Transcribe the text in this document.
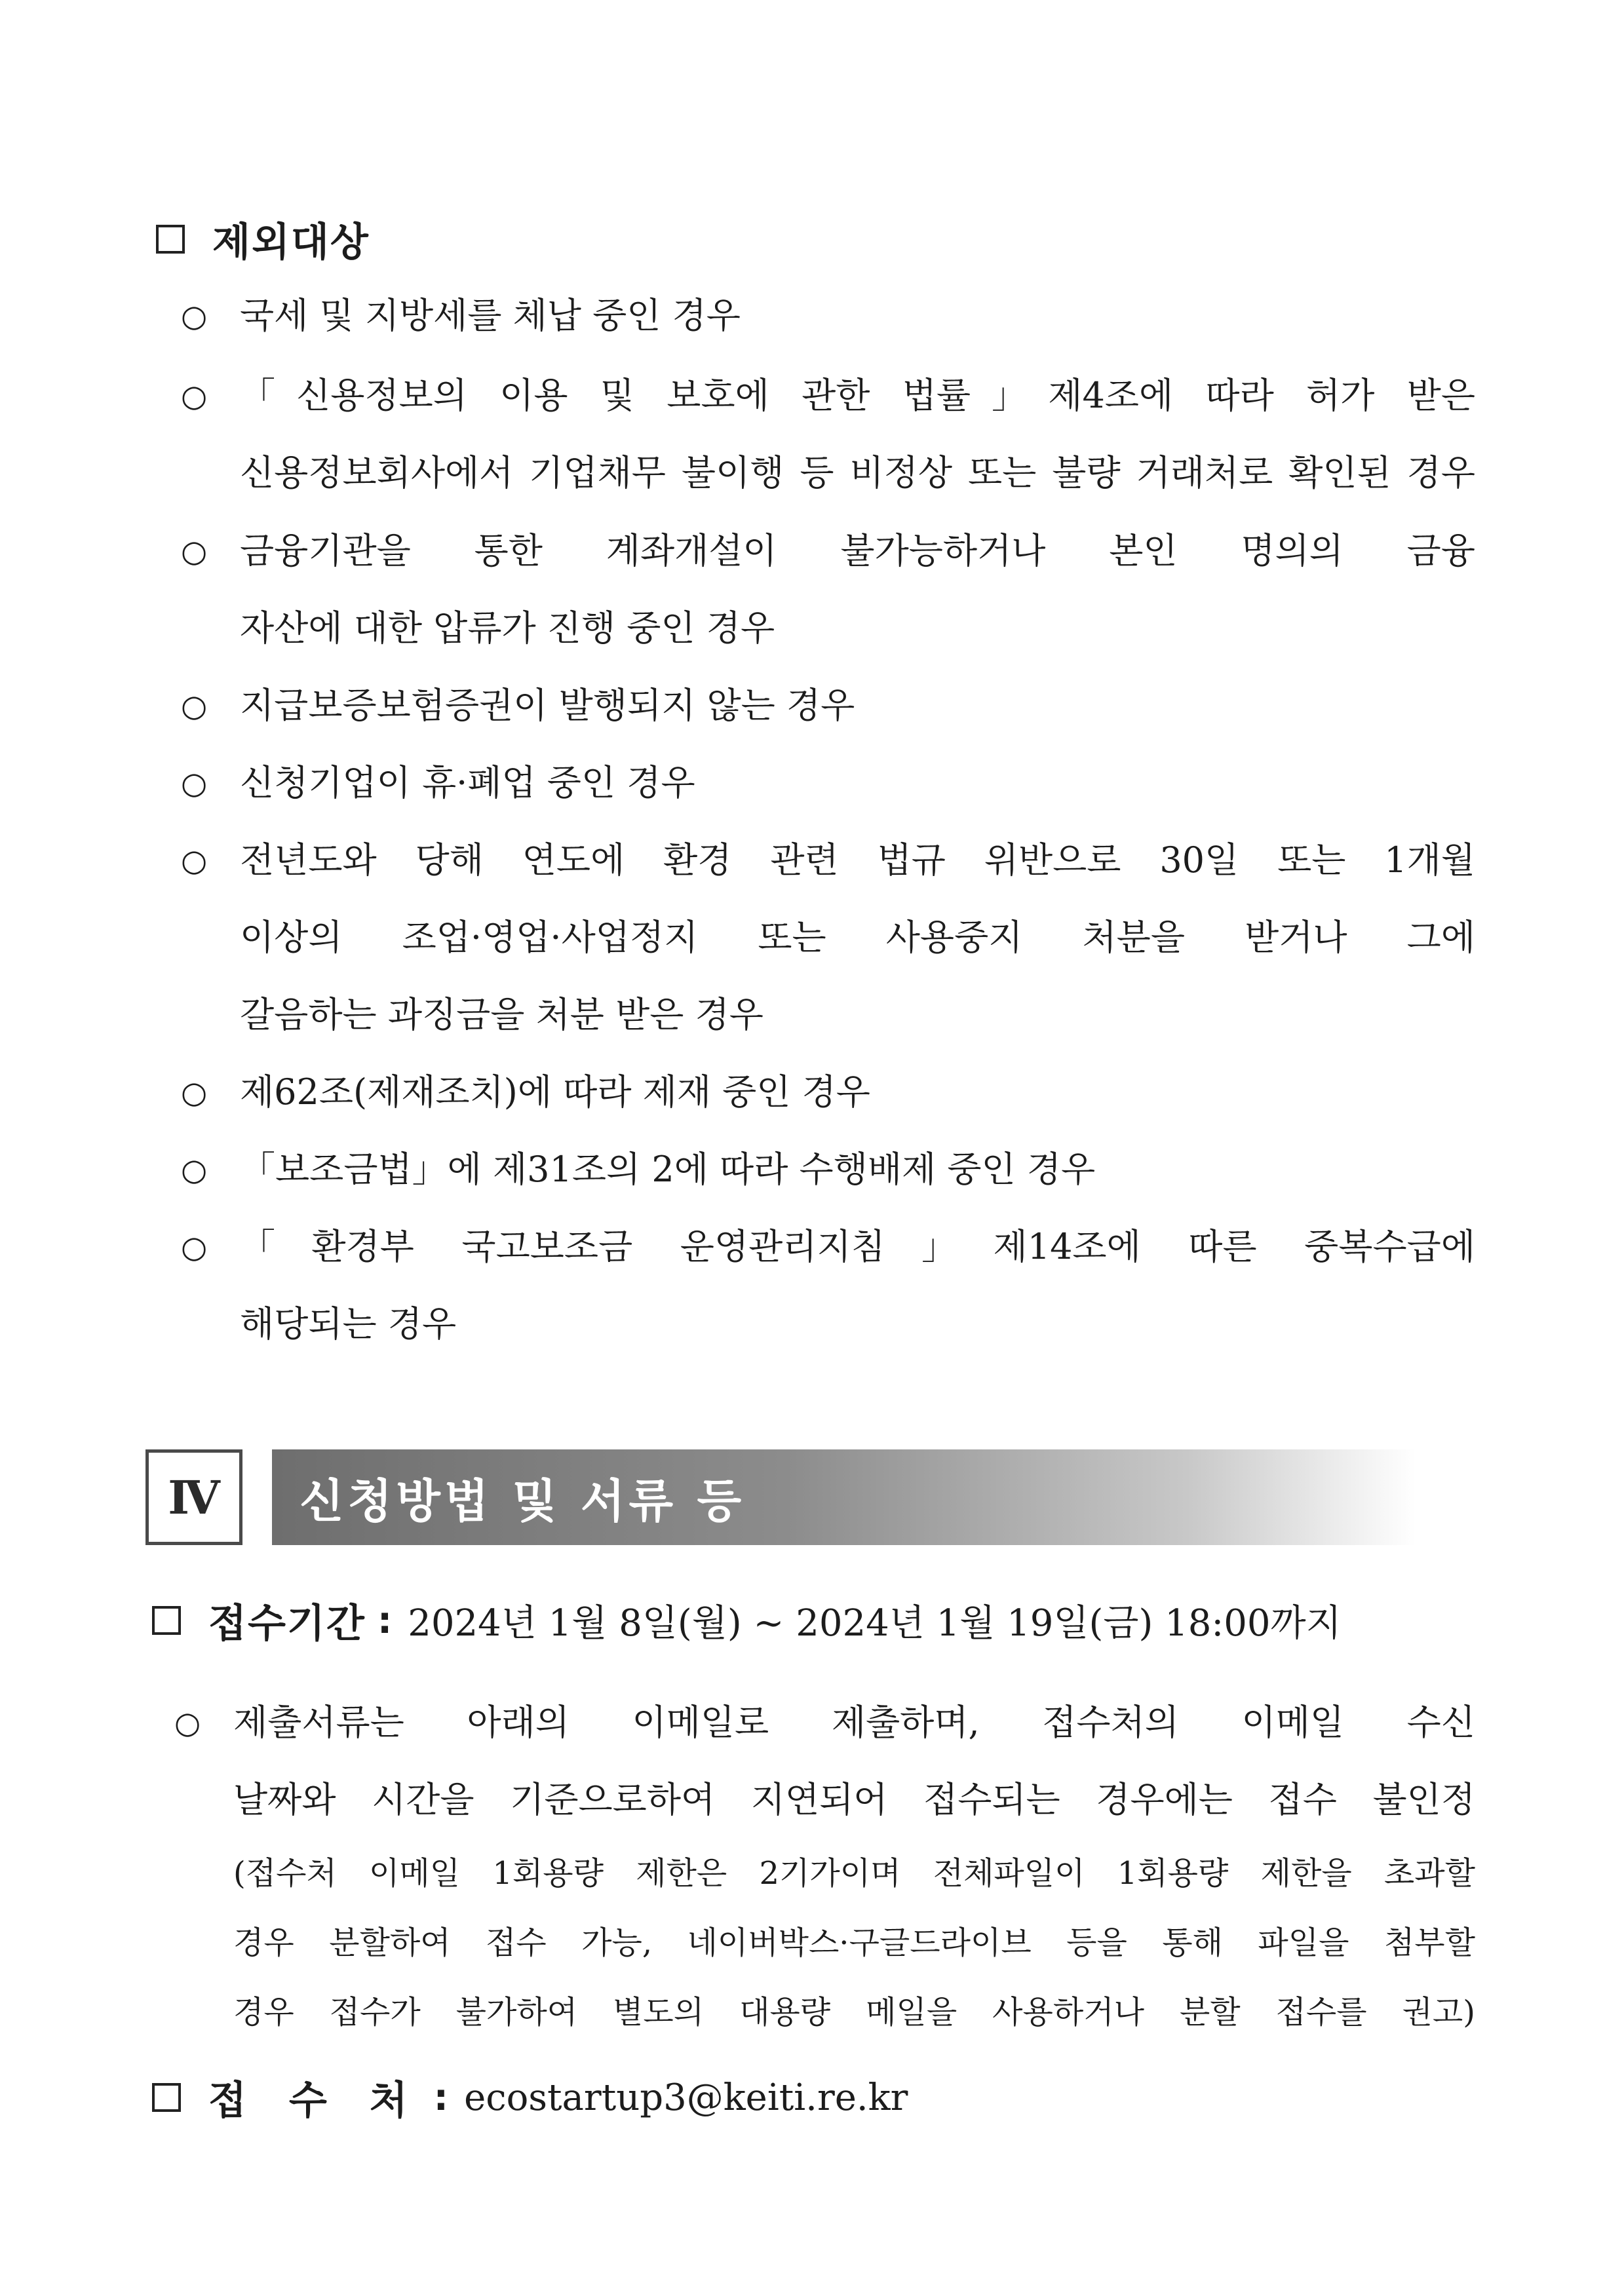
제외대상
○ 국세 및 지방세를 체납 중인 경우
○ 「신용정보의 이용 및 보호에 관한 법률」제4조에 따라 허가 받은
신용정보회사에서 기업채무 불이행 등 비정상 또는 불량 거래처로 확인된 경우
○ 금융기관을 통한 계좌개설이 불가능하거나 본인 명의의 금융
자산에 대한 압류가 진행 중인 경우
○ 지급보증보험증권이 발행되지 않는 경우
○ 신청기업이 휴·폐업 중인 경우
○ 전년도와 당해 연도에 환경 관련 법규 위반으로 30일 또는 1개월
이상의 조업·영업·사업정지 또는 사용중지 처분을 받거나 그에
갈음하는 과징금을 처분 받은 경우
○ 제62조(제재조치)에 따라 제재 중인 경우
○ 「보조금법」에 제31조의 2에 따라 수행배제 중인 경우
○ 「환경부 국고보조금 운영관리지침」제14조에 따른 중복수급에
해당되는 경우
Ⅳ	신청방법 및 서류 등
접수기간 : 2024년 1월 8일(월) ~ 2024년 1월 19일(금) 18:00까지
○ 제출서류는 아래의 이메일로 제출하며, 접수처의 이메일 수신
날짜와 시간을 기준으로하여 지연되어 접수되는 경우에는 접수 불인정
(접수처 이메일 1회용량 제한은 2기가이며 전체파일이 1회용량 제한을 초과할
경우 분할하여 접수 가능, 네이버박스·구글드라이브 등을 통해 파일을 첨부할
경우 접수가 불가하여 별도의 대용량 메일을 사용하거나 분할 접수를 권고)
접 수 처 : ecostartup3@keiti.re.kr
